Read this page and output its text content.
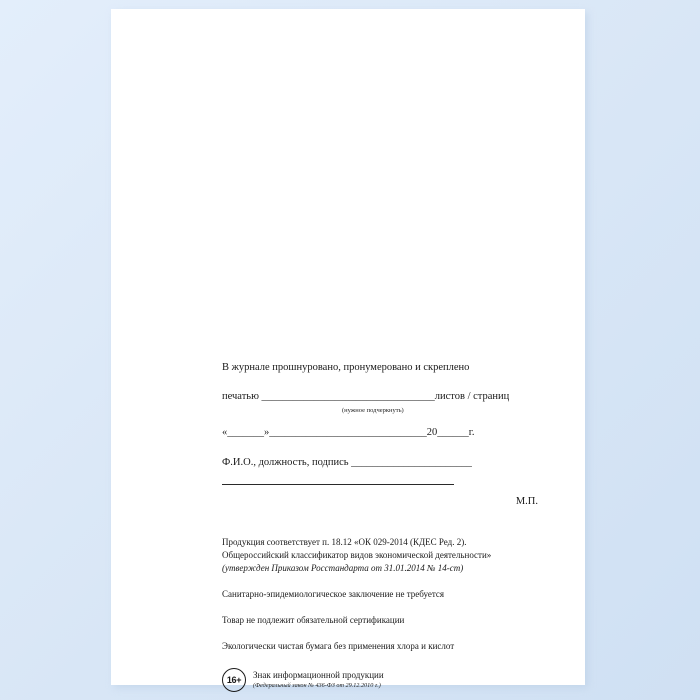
В журнале прошнуровано, пронумеровано и скреплено

печатью _________________________________листов / страниц

(нужное подчеркнуть)

«_______»______________________________20______г.

Ф.И.О., должность, подпись _______________________

М.П.

Продукция соответствует п. 18.12 «ОК 029-2014 (КДЕС Ред. 2).

Общероссийский классификатор видов экономической деятельности»

(утвержден Приказом Росстандарта от 31.01.2014 № 14-ст)

Санитарно-эпидемиологическое заключение не требуется

Товар не подлежит обязательной сертификации

Экологически чистая бумага без применения хлора и кислот

16+	Знак информационной продукции
(Федеральный закон № 436-ФЗ от 29.12.2010 г.)
